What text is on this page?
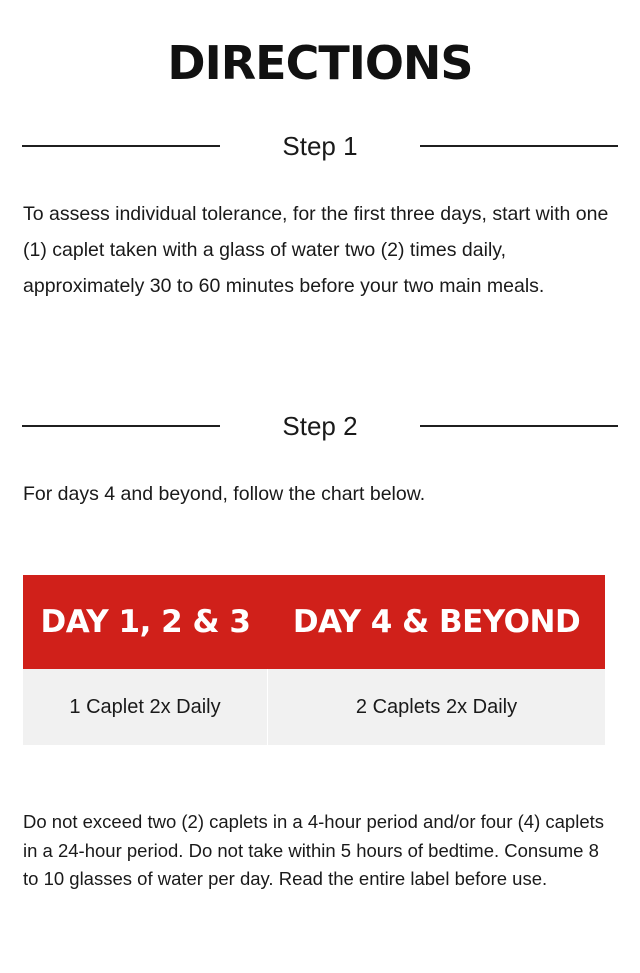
DIRECTIONS
Step 1

To assess individual tolerance, for the first three days, start with one (1) caplet taken with a glass of water two (2) times daily, approximately 30 to 60 minutes before your two main meals.

Step 2

For days 4 and beyond, follow the chart below.

DAY 1, 2 & 3	DAY 4 & BEYOND
1 Caplet 2x Daily	2 Caplets 2x Daily

Do not exceed two (2) caplets in a 4-hour period and/or four (4) caplets in a 24-hour period. Do not take within 5 hours of bedtime. Consume 8 to 10 glasses of water per day. Read the entire label before use.
